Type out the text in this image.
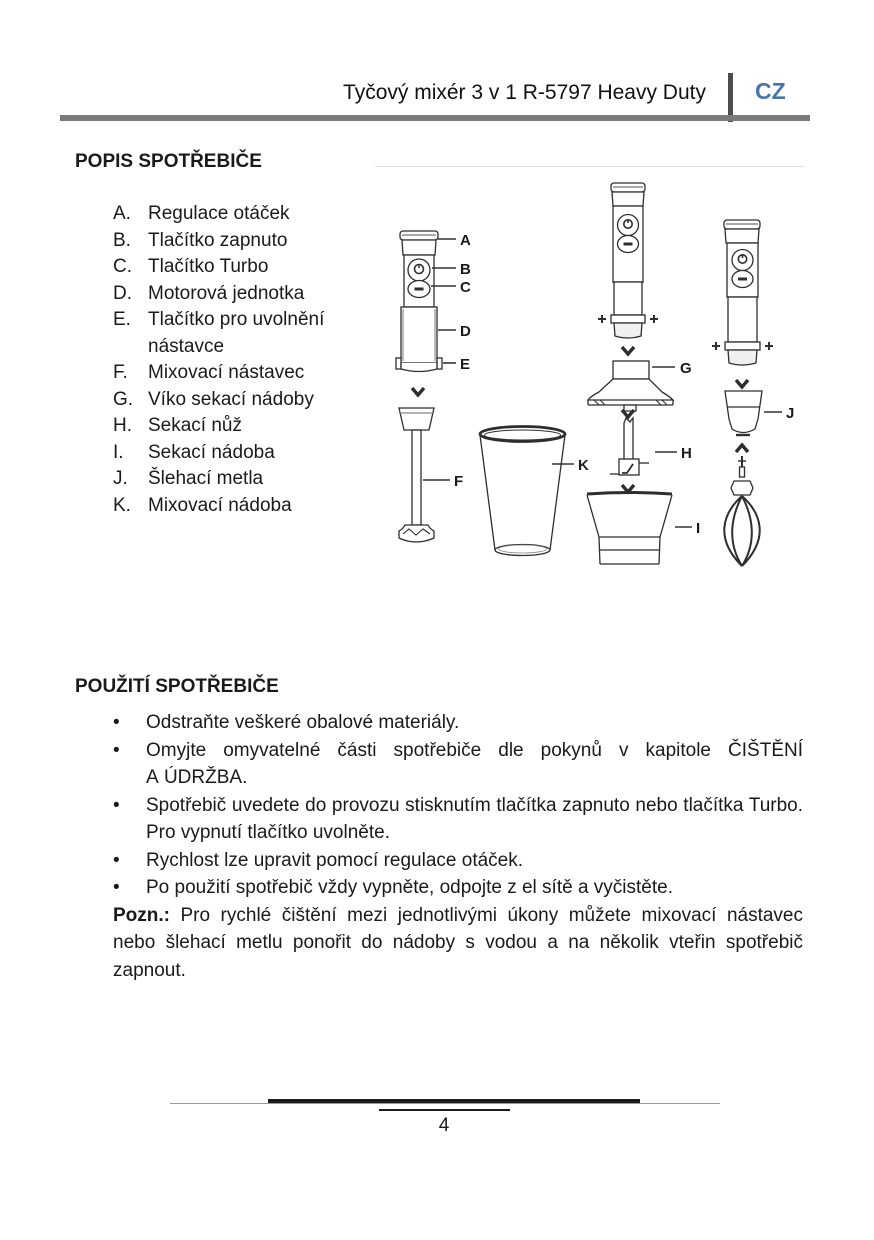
Tyčový mixér 3 v 1 R-5797 Heavy Duty CZ
POPIS SPOTŘEBIČE
A. Regulace otáček
B. Tlačítko zapnuto
C. Tlačítko Turbo
D. Motorová jednotka
E. Tlačítko pro uvolnění nástavce
F.	Mixovací nástavec
G. Víko sekací nádoby
H. Sekací nůž
I.	Sekací nádoba
J.	Šlehací metla
K. Mixovací nádoba
A
B
C
D
E
F
K
G
H
I
J
POUŽITÍ SPOTŘEBIČE
•	Odstraňte veškeré obalové materiály.
•	Omyjte omyvatelné části spotřebiče dle pokynů v kapitole ČIŠTĚNÍ A ÚDRŽBA.
•	Spotřebič uvedete do provozu stisknutím tlačítka zapnuto nebo tlačítka Turbo. Pro vypnutí tlačítko uvolněte.
•	Rychlost lze upravit pomocí regulace otáček.
•	Po použití spotřebič vždy vypněte, odpojte z el sítě a vyčistěte.
Pozn.: Pro rychlé čištění mezi jednotlivými úkony můžete mixovací nástavec nebo šlehací metlu ponořit do nádoby s vodou a na několik vteřin spotřebič zapnout.
4
